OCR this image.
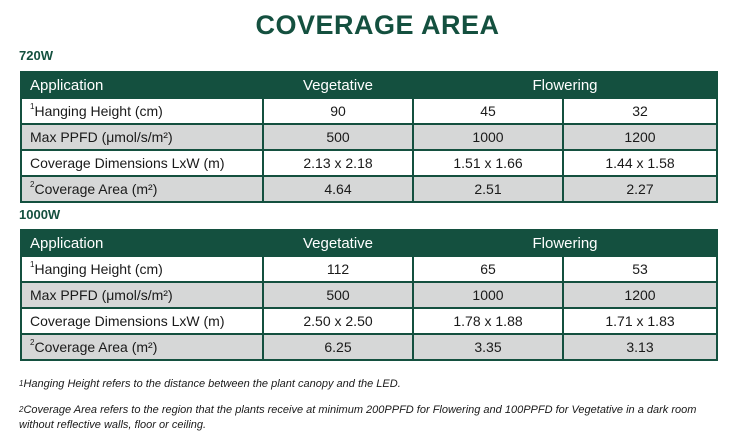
COVERAGE AREA
720W
Application	Vegetative	Flowering	
$^1$Hanging Height (cm)	90	45	32
Max PPFD (μmol/s/m²)	500	1000	1200
Coverage Dimensions LxW (m)	2.13 x 2.18	1.51 x 1.66	1.44 x 1.58
$^2$Coverage Area (m²)	4.64	2.51	2.27
1000W
Application	Vegetative	Flowering	
$^1$Hanging Height (cm)	112	65	53
Max PPFD (μmol/s/m²)	500	1000	1200
Coverage Dimensions LxW (m)	2.50 x 2.50	1.78 x 1.88	1.71 x 1.83
$^2$Coverage Area (m²)	6.25	3.35	3.13
$^1$Hanging Height refers to the distance between the plant canopy and the LED.
$^2$Coverage Area refers to the region that the plants receive at minimum 200PPFD for Flowering and 100PPFD for Vegetative in a dark room without reflective walls, floor or ceiling.
